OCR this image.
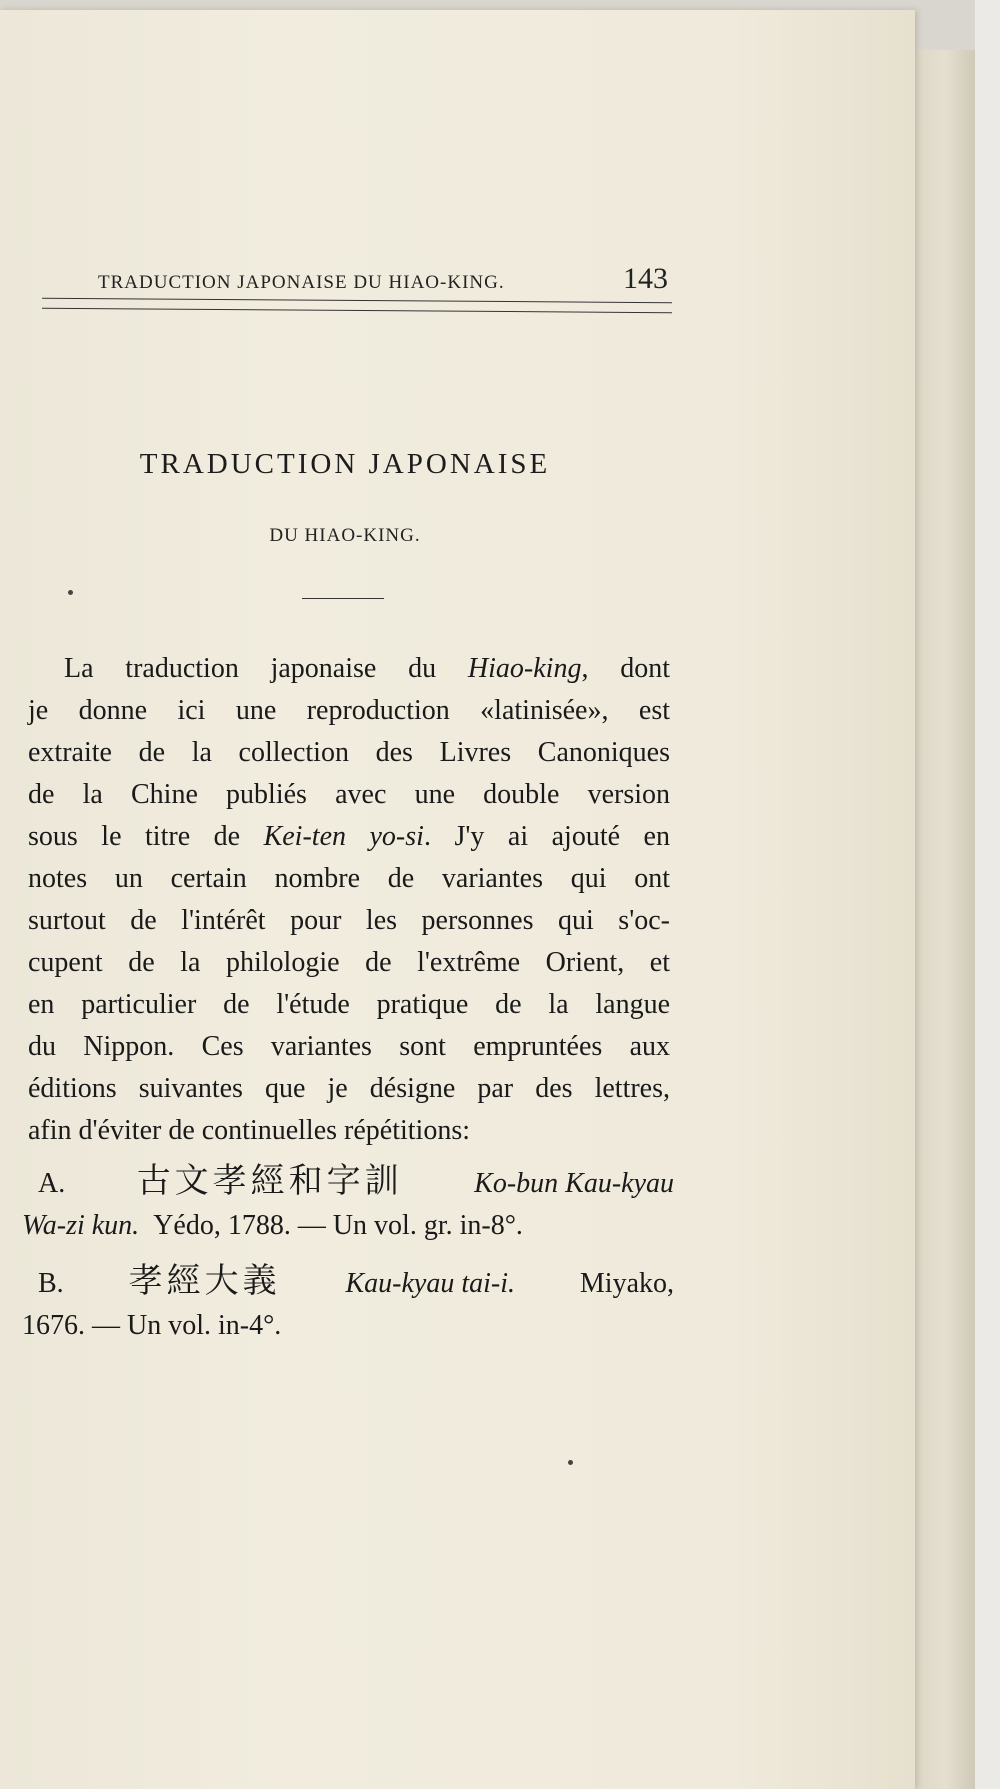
TRADUCTION JAPONAISE DU HIAO-KING.	143
TRADUCTION JAPONAISE
DU HIAO-KING.
La traduction japonaise du Hiao-king, dont
je donne ici une reproduction «latinisée», est
extraite de la collection des Livres Canoniques
de la Chine publiés avec une double version
sous le titre de Kei-ten yo-si. J'y ai ajouté en
notes un certain nombre de variantes qui ont
surtout de l'intérêt pour les personnes qui s'oc-
cupent de la philologie de l'extrême Orient, et
en particulier de l'étude pratique de la langue
du Nippon. Ces variantes sont empruntées aux
éditions suivantes que je désigne par des lettres,
afin d'éviter de continuelles répétitions:
A. 古文孝經和字訓	Ko-bun Kau-kyau
Wa-zi kun. Yédo, 1788. — Un vol. gr. in-8°.
B. 孝經大義 Kau-kyau tai-i. Miyako,
1676. — Un vol. in-4°.
